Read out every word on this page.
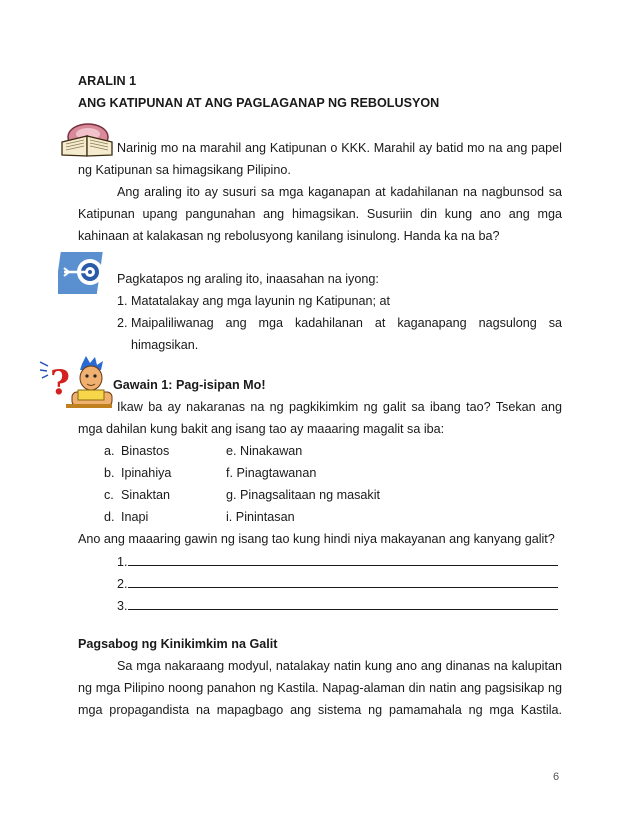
ARALIN 1
ANG KATIPUNAN AT ANG PAGLAGANAP NG REBOLUSYON
Narinig mo na marahil ang Katipunan o KKK. Marahil ay batid mo na ang papel
ng Katipunan sa himagsikang Pilipino.
Ang araling ito ay susuri sa mga kaganapan at kadahilanan na nagbunsod sa
Katipunan upang pangunahan ang himagsikan. Susuriin din kung ano ang mga
kahinaan at kalakasan ng rebolusyong kanilang isinulong. Handa ka na ba?
Pagkatapos ng araling ito, inaasahan na iyong:
1. Matatalakay ang mga layunin ng Katipunan; at
2. Maipaliliwanag ang mga kadahilanan at kaganapang nagsulong sa
himagsikan.
?	Gawain 1: Pag-isipan Mo!
Ikaw ba ay nakaranas na ng pagkikimkim ng galit sa ibang tao? Tsekan ang
mga dahilan kung bakit ang isang tao ay maaaring magalit sa iba:
a. Binastos
b. Ipinahiya
c. Sinaktan
d. Inapi
e. Ninakawan
f. Pinagtawanan
g. Pinagsalitaan ng masakit
i. Pinintasan
Ano ang maaaring gawin ng isang tao kung hindi niya makayanan ang kanyang galit?
1.
2.
3.
Pagsabog ng Kinikimkim na Galit
Sa mga nakaraang modyul, natalakay natin kung ano ang dinanas na kalupitan
ng mga Pilipino noong panahon ng Kastila. Napag-alaman din natin ang pagsisikap ng
mga propagandista na mapagbago ang sistema ng pamamahala ng mga Kastila.
6
